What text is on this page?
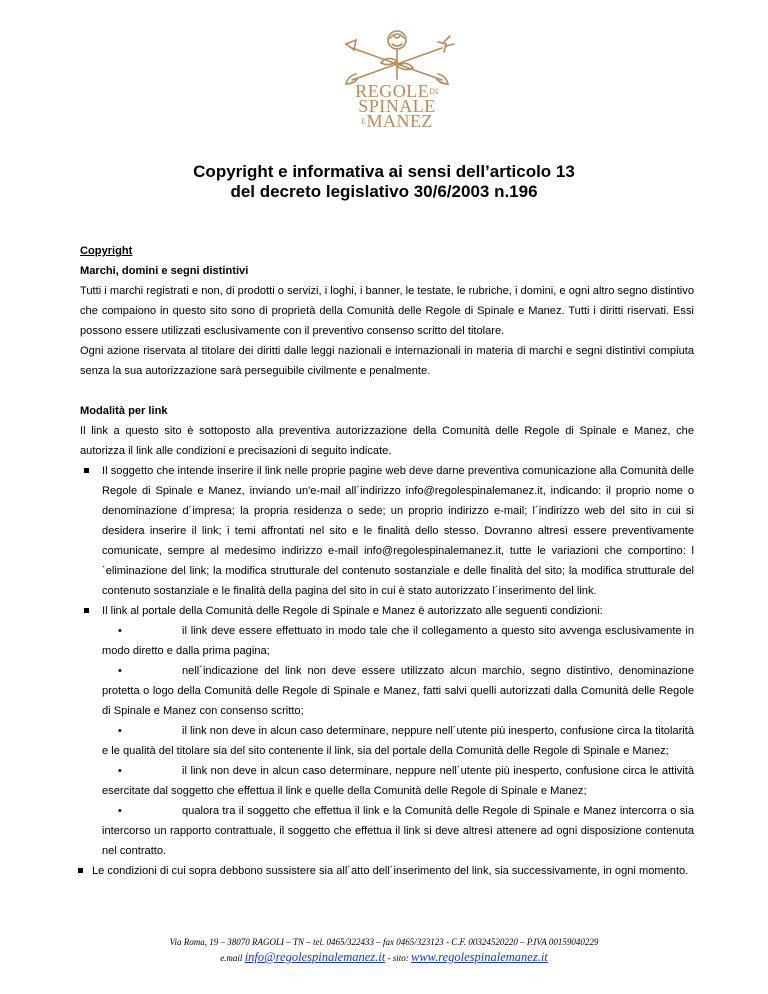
$REGOLE^{DI}$
SPINALE
$^E$MANEZ
Copyright e informativa ai sensi dell’articolo 13
del decreto legislativo 30/6/2003 n.196

Copyright

Marchi, domini e segni distintivi

Tutti i marchi registrati e non, di prodotti o servizi, i loghi, i banner, le testate, le rubriche, i domini, e ogni altro segno distintivo che compaiono in questo sito sono di proprietà della Comunità delle Regole di Spinale e Manez. Tutti i diritti riservati. Essi possono essere utilizzati esclusivamente con il preventivo consenso scritto del titolare.

Ogni azione riservata al titolare dei diritti dalle leggi nazionali e internazionali in materia di marchi e segni distintivi compiuta senza la sua autorizzazione sarà perseguibile civilmente e penalmente.

Modalità per link

Il link a questo sito è sottoposto alla preventiva autorizzazione della Comunità delle Regole di Spinale e Manez, che autorizza il link alle condizioni e precisazioni di seguito indicate.

Il soggetto che intende inserire il link nelle proprie pagine web deve darne preventiva comunicazione alla Comunità delle Regole di Spinale e Manez, inviando un'e-mail all´indirizzo info@regolespinalemanez.it, indicando: il proprio nome o denominazione d´impresa; la propria residenza o sede; un proprio indirizzo e-mail; l´indirizzo web del sito in cui si desidera inserire il link; i temi affrontati nel sito e le finalità dello stesso. Dovranno altresì essere preventivamente comunicate, sempre al medesimo indirizzo e-mail info@regolespinalemanez.it, tutte le variazioni che comportino: l´eliminazione del link; la modifica strutturale del contenuto sostanziale e delle finalità del sito; la modifica strutturale del contenuto sostanziale e le finalità della pagina del sito in cui è stato autorizzato l´inserimento del link.
Il link al portale della Comunità delle Regole di Spinale e Manez è autorizzato alle seguenti condizioni:
•	il link deve essere effettuato in modo tale che il collegamento a questo sito avvenga esclusivamente in modo diretto e dalla prima pagina;
•	nell´indicazione del link non deve essere utilizzato alcun marchio, segno distintivo, denominazione protetta o logo della Comunità delle Regole di Spinale e Manez, fatti salvi quelli autorizzati dalla Comunità delle Regole di Spinale e Manez con consenso scritto;
•	il link non deve in alcun caso determinare, neppure nell´utente più inesperto, confusione circa la titolarità e le qualità del titolare sia del sito contenente il link, sia del portale della Comunità delle Regole di Spinale e Manez;
•	il link non deve in alcun caso determinare, neppure nell´utente più inesperto, confusione circa le attività esercitate dal soggetto che effettua il link e quelle della Comunità delle Regole di Spinale e Manez;
•	qualora tra il soggetto che effettua il link e la Comunità delle Regole di Spinale e Manez intercorra o sia intercorso un rapporto contrattuale, il soggetto che effettua il link si deve altresì attenere ad ogni disposizione contenuta nel contratto.
Le condizioni di cui sopra debbono sussistere sia all´atto dell´inserimento del link, sia successivamente, in ogni momento.
Via Roma, 19 – 38070 RAGOLI – TN – tel. 0465/322433 – fax 0465/323123 - C.F. 00324520220 – P.IVA 00159040229
e.mail info@regolespinalemanez.it - sito: www.regolespinalemanez.it
